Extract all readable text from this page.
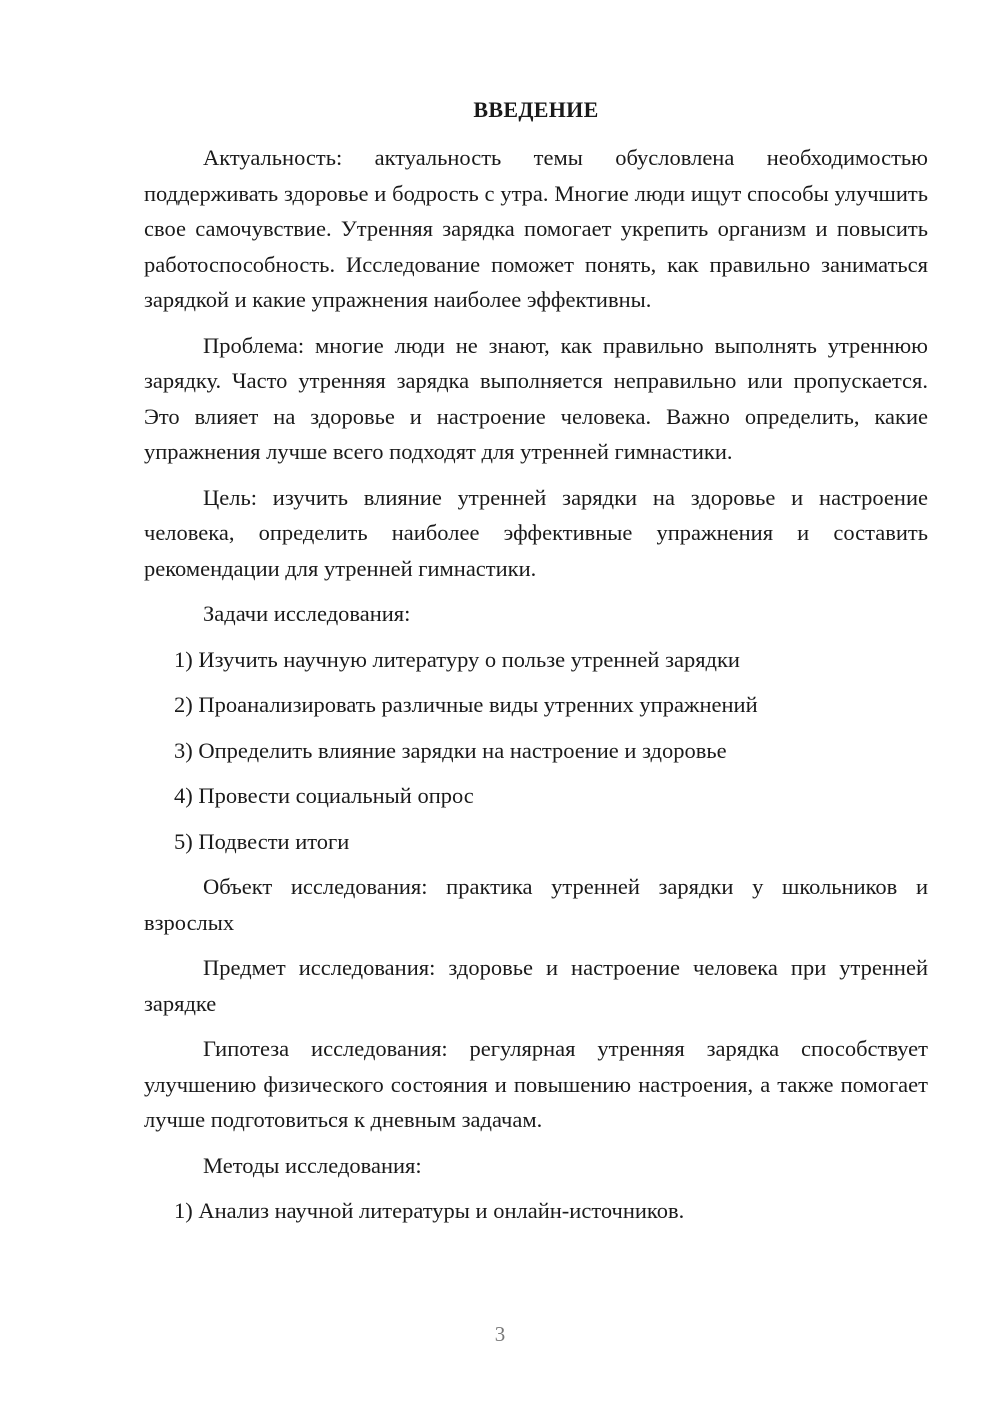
ВВЕДЕНИЕ

Актуальность: актуальность темы обусловлена необходимостью поддерживать здоровье и бодрость с утра. Многие люди ищут способы улучшить свое самочувствие. Утренняя зарядка помогает укрепить организм и повысить работоспособность. Исследование поможет понять, как правильно заниматься зарядкой и какие упражнения наиболее эффективны.

Проблема: многие люди не знают, как правильно выполнять утреннюю зарядку. Часто утренняя зарядка выполняется неправильно или пропускается. Это влияет на здоровье и настроение человека. Важно определить, какие упражнения лучше всего подходят для утренней гимнастики.

Цель: изучить влияние утренней зарядки на здоровье и настроение человека, определить наиболее эффективные упражнения и составить рекомендации для утренней гимнастики.

Задачи исследования:

1) Изучить научную литературу о пользе утренней зарядки

2) Проанализировать различные виды утренних упражнений

3) Определить влияние зарядки на настроение и здоровье

4) Провести социальный опрос

5) Подвести итоги

Объект исследования: практика утренней зарядки у школьников и взрослых

Предмет исследования: здоровье и настроение человека при утренней зарядке

Гипотеза исследования: регулярная утренняя зарядка способствует улучшению физического состояния и повышению настроения, а также помогает лучше подготовиться к дневным задачам.

Методы исследования:

1) Анализ научной литературы и онлайн-источников.

3
